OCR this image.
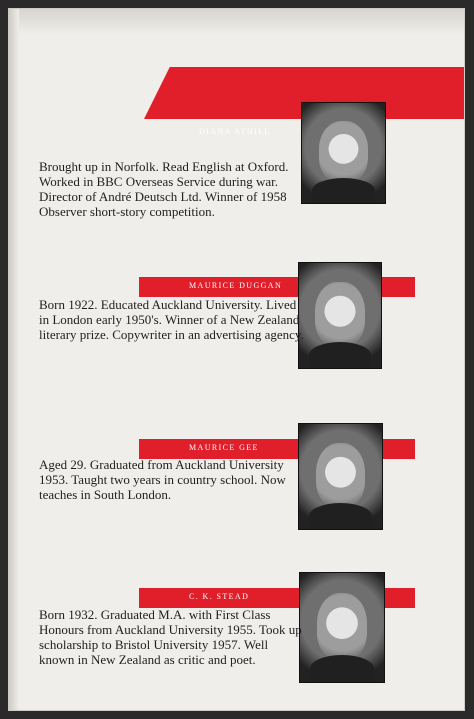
DIANA ATHILL

Brought up in Norfolk. Read English at Oxford. Worked in BBC Overseas Service during war. Director of André Deutsch Ltd. Winner of 1958 Observer short-story competition.

MAURICE DUGGAN

Born 1922. Educated Auckland University. Lived in London early 1950's. Winner of a New Zealand literary prize. Copywriter in an advertising agency.

MAURICE GEE

Aged 29. Graduated from Auckland University 1953. Taught two years in country school. Now teaches in South London.

C. K. STEAD

Born 1932. Graduated M.A. with First Class Honours from Auckland University 1955. Took up scholarship to Bristol University 1957. Well known in New Zealand as critic and poet.
